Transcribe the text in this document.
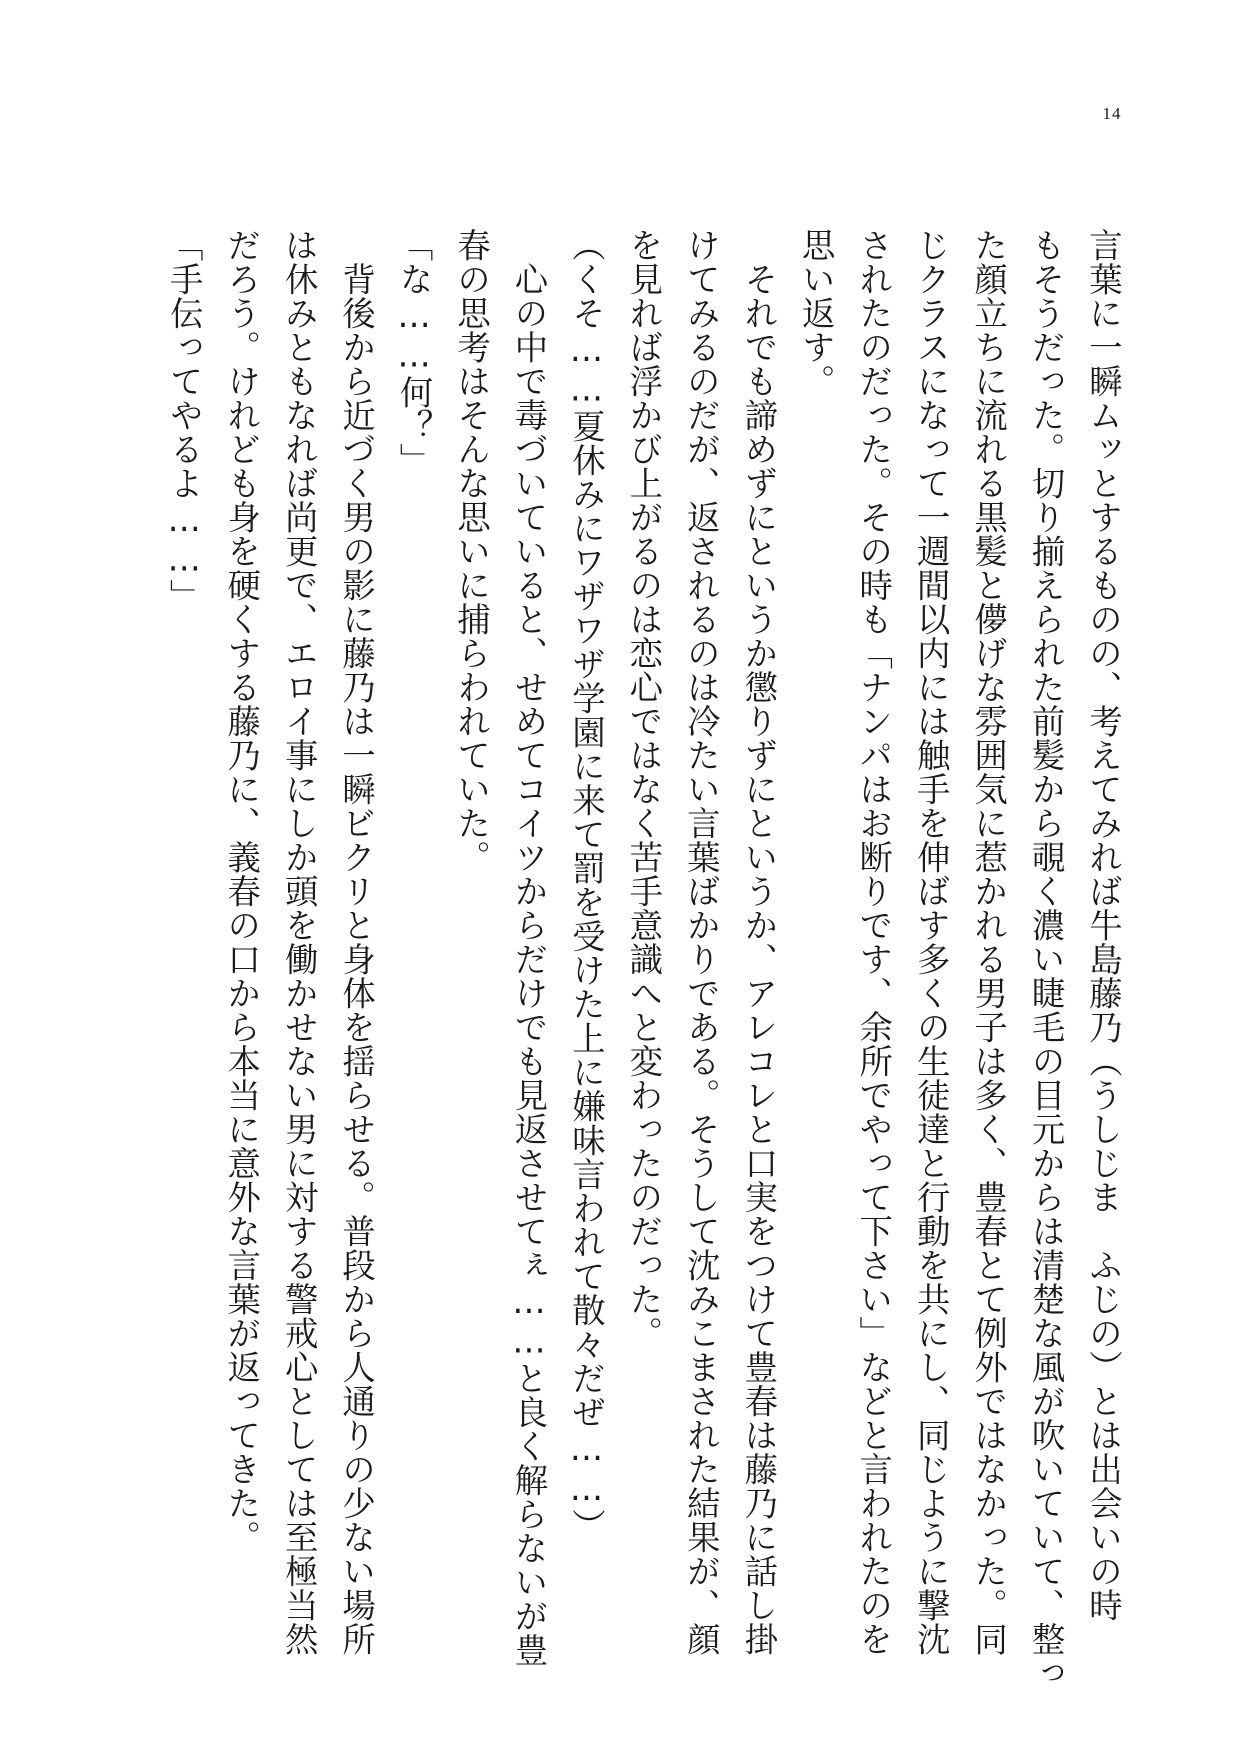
14
言葉に一瞬ムッとするものの、考えてみれば牛島藤乃（うしじま　ふじの）とは出会いの時
もそうだった。切り揃えられた前髪から覗く濃い睫毛の目元からは清楚な風が吹いていて、整っ
た顔立ちに流れる黒髪と儚げな雰囲気に惹かれる男子は多く、豊春とて例外ではなかった。同
じクラスになって一週間以内には触手を伸ばす多くの生徒達と行動を共にし、同じように撃沈
されたのだった。その時も「ナンパはお断りです、余所でやって下さい」などと言われたのを
思い返す。
　それでも諦めずにというか懲りずにというか、アレコレと口実をつけて豊春は藤乃に話し掛
けてみるのだが、返されるのは冷たい言葉ばかりである。そうして沈みこまされた結果が、顔
を見れば浮かび上がるのは恋心ではなく苦手意識へと変わったのだった。
（くそ……夏休みにワザワザ学園に来て罰を受けた上に嫌味言われて散々だぜ……）
　心の中で毒づいていると、せめてコイツからだけでも見返させてぇ……と良く解らないが豊
春の思考はそんな思いに捕らわれていた。
「な……何？」
　背後から近づく男の影に藤乃は一瞬ビクリと身体を揺らせる。普段から人通りの少ない場所
は休みともなれば尚更で、エロイ事にしか頭を働かせない男に対する警戒心としては至極当然
だろう。けれども身を硬くする藤乃に、義春の口から本当に意外な言葉が返ってきた。
「手伝ってやるよ……」
